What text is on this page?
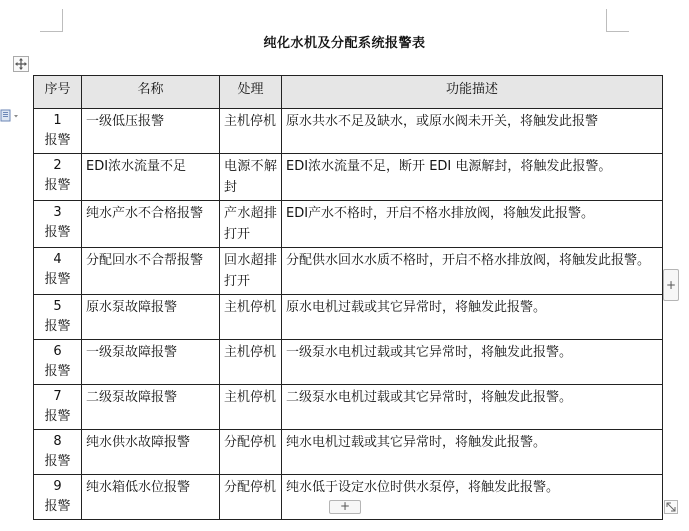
纯化水机及分配系统报警表
序号	名称	处理	功能描述

1
报警	一级低压报警	主机停机	原水共水不足及缺水，或原水阀未开关，将触发此报警

2
报警	EDI浓水流量不足	电源不解封	EDI浓水流量不足，断开 EDI 电源解封，将触发此报警。

3
报警	纯水产水不合格报警	产水超排打开	EDI产水不格时，开启不格水排放阀，将触发此报警。

4
报警	分配回水不合帮报警	回水超排打开	分配供水回水水质不格时，开启不格水排放阀，将触发此报警。

5
报警	原水泵故障报警	主机停机	原水电机过载或其它异常时，将触发此报警。

6
报警	一级泵故障报警	主机停机	一级泵水电机过载或其它异常时，将触发此报警。

7
报警	二级泵故障报警	主机停机	二级泵水电机过载或其它异常时，将触发此报警。

8
报警	纯水供水故障报警	分配停机	纯水电机过载或其它异常时，将触发此报警。

9
报警	纯水箱低水位报警	分配停机	纯水低于设定水位时供水泵停，将触发此报警。
+
+
